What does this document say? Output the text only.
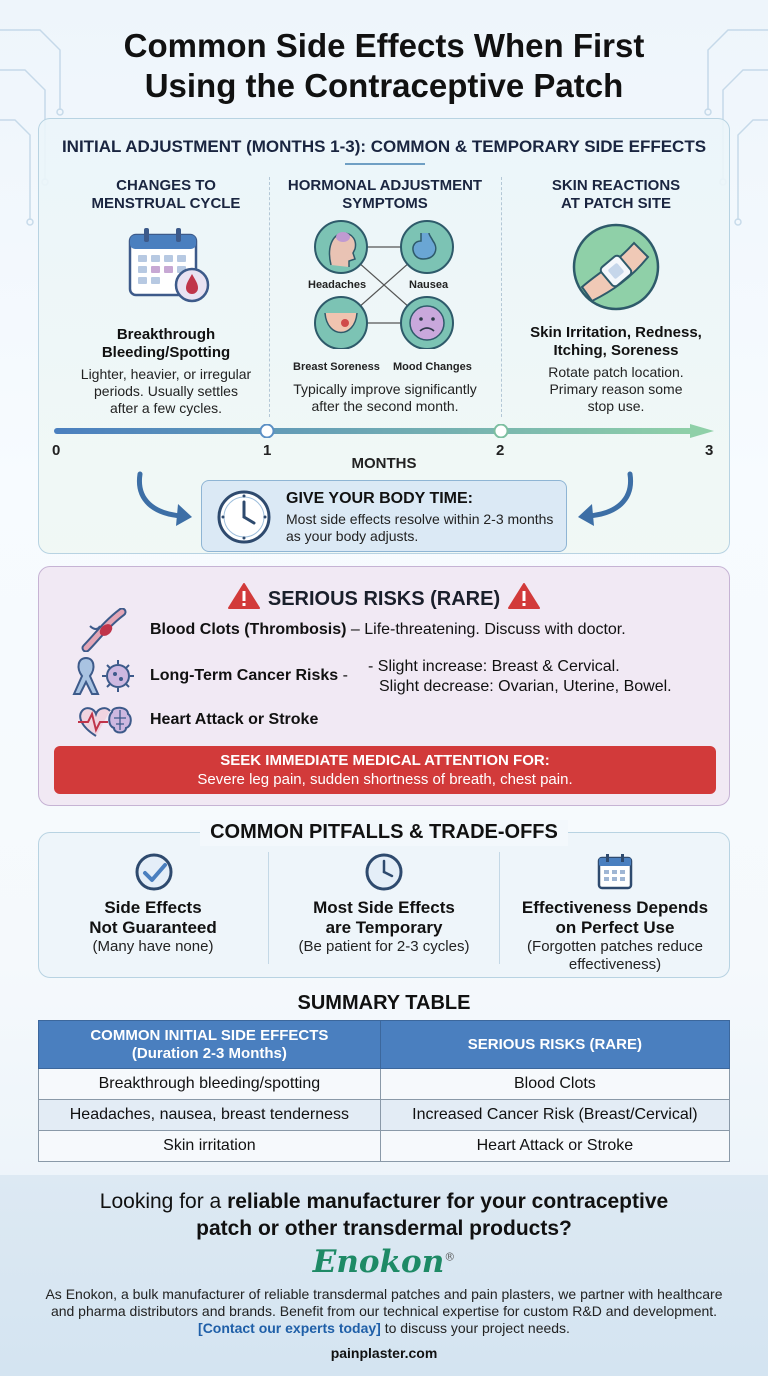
Common Side Effects When First
Using the Contraceptive Patch
INITIAL ADJUSTMENT (MONTHS 1-3): COMMON & TEMPORARY SIDE EFFECTS
CHANGES TO
MENSTRUAL CYCLE
Breakthrough
Bleeding/Spotting
Lighter, heavier, or irregular
periods. Usually settles
after a few cycles.
HORMONAL ADJUSTMENT
SYMPTOMS
Headaches	Nausea
Breast Soreness Mood Changes
Typically improve significantly
after the second month.
SKIN REACTIONS
AT PATCH SITE
Skin Irritation, Redness,
Itching, Soreness
Rotate patch location.
Primary reason some
stop use.
0	1	2	3
MONTHS
GIVE YOUR BODY TIME:
Most side effects resolve within 2-3 months as your body adjusts.
SERIOUS RISKS (RARE)
Blood Clots (Thrombosis) – Life-threatening. Discuss with doctor.
Long-Term Cancer Risks -
- Slight increase: Breast & Cervical.
Slight decrease: Ovarian, Uterine, Bowel.
Heart Attack or Stroke
SEEK IMMEDIATE MEDICAL ATTENTION FOR:
Severe leg pain, sudden shortness of breath, chest pain.
COMMON PITFALLS & TRADE-OFFS
Side Effects
Not Guaranteed
(Many have none)
Most Side Effects
are Temporary
(Be patient for 2-3 cycles)
Effectiveness Depends
on Perfect Use
(Forgotten patches reduce
effectiveness)
SUMMARY TABLE
COMMON INITIAL SIDE EFFECTS
(Duration 2-3 Months)	SERIOUS RISKS (RARE)
Breakthrough bleeding/spotting	Blood Clots
Headaches, nausea, breast tenderness	Increased Cancer Risk (Breast/Cervical)
Skin irritation	Heart Attack or Stroke
Looking for a reliable manufacturer for your contraceptive
patch or other transdermal products?
Enokon®
As Enokon, a bulk manufacturer of reliable transdermal patches and pain plasters, we partner with healthcare and pharma distributors and brands. Benefit from our technical expertise for custom R&D and development. [Contact our experts today] to discuss your project needs.
painplaster.com
